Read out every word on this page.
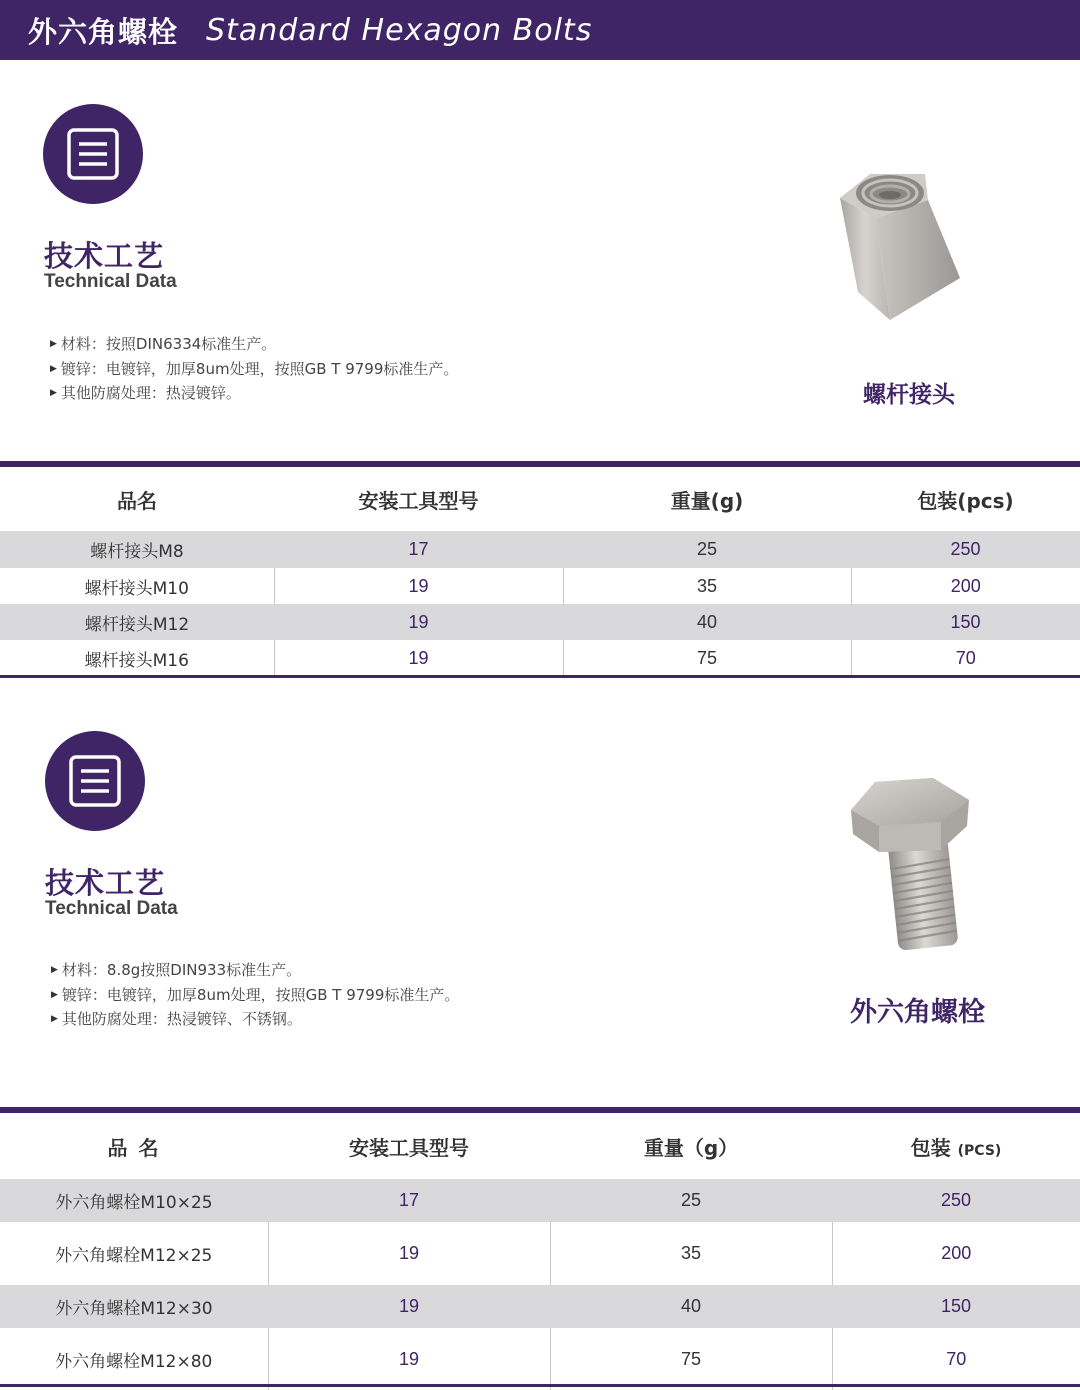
外六角螺栓 Standard Hexagon Bolts
技术工艺
Technical Data
▶ 材料：按照DIN6334标准生产。
▶ 镀锌：电镀锌，加厚8um处理，按照GB T 9799标准生产。
▶ 其他防腐处理：热浸镀锌。	螺杆接头
品名	安装工具型号	重量(g)	包装(pcs)
螺杆接头M8	17	25	250
螺杆接头M10	19	35	200
螺杆接头M12	19	40	150
螺杆接头M16	19	75	70
技术工艺
Technical Data
▶ 材料：8.8g按照DIN933标准生产。
▶ 镀锌：电镀锌，加厚8um处理，按照GB T 9799标准生产。
▶ 其他防腐处理：热浸镀锌、不锈钢。	外六角螺栓
品 名	安装工具型号	重量（g）	包装 (PCS)
外六角螺栓M10×25	17	25	250
外六角螺栓M12×25	19	35	200
外六角螺栓M12×30	19	40	150
外六角螺栓M12×80	19	75	70
